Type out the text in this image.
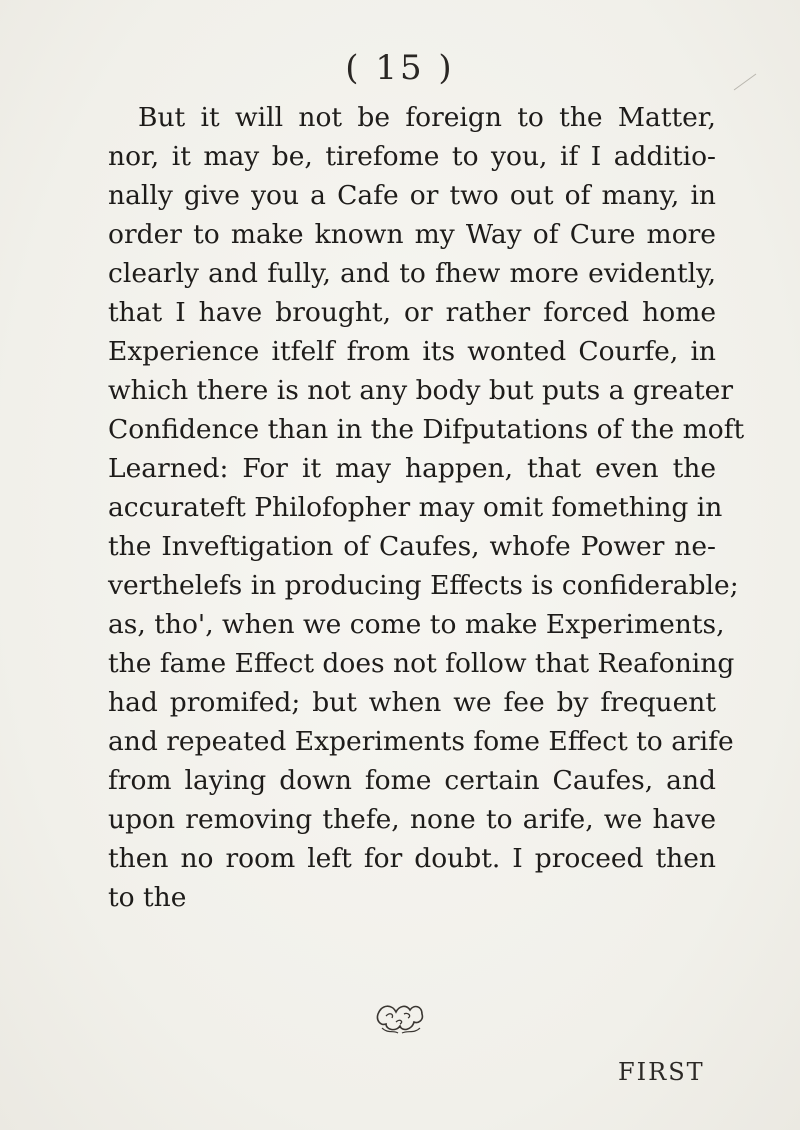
( 15 )
But it will not be foreign to the Matter,
nor, it may be, tirefome to you, if I additio-
nally give you a Cafe or two out of many, in
order to make known my Way of Cure more
clearly and fully, and to fhew more evidently,
that I have brought, or rather forced home
Experience itfelf from its wonted Courfe, in
which there is not any body but puts a greater
Confidence than in the Difputations of the moft
Learned: For it may happen, that even the
accurateft Philofopher may omit fomething in
the Inveftigation of Caufes, whofe Power ne-
verthelefs in producing Effects is confiderable;
as, tho', when we come to make Experiments,
the fame Effect does not follow that Reafoning
had promifed; but when we fee by frequent
and repeated Experiments fome Effect to arife
from laying down fome certain Caufes, and
upon removing thefe, none to arife, we have
then no room left for doubt. I proceed then
to the
FIRST
